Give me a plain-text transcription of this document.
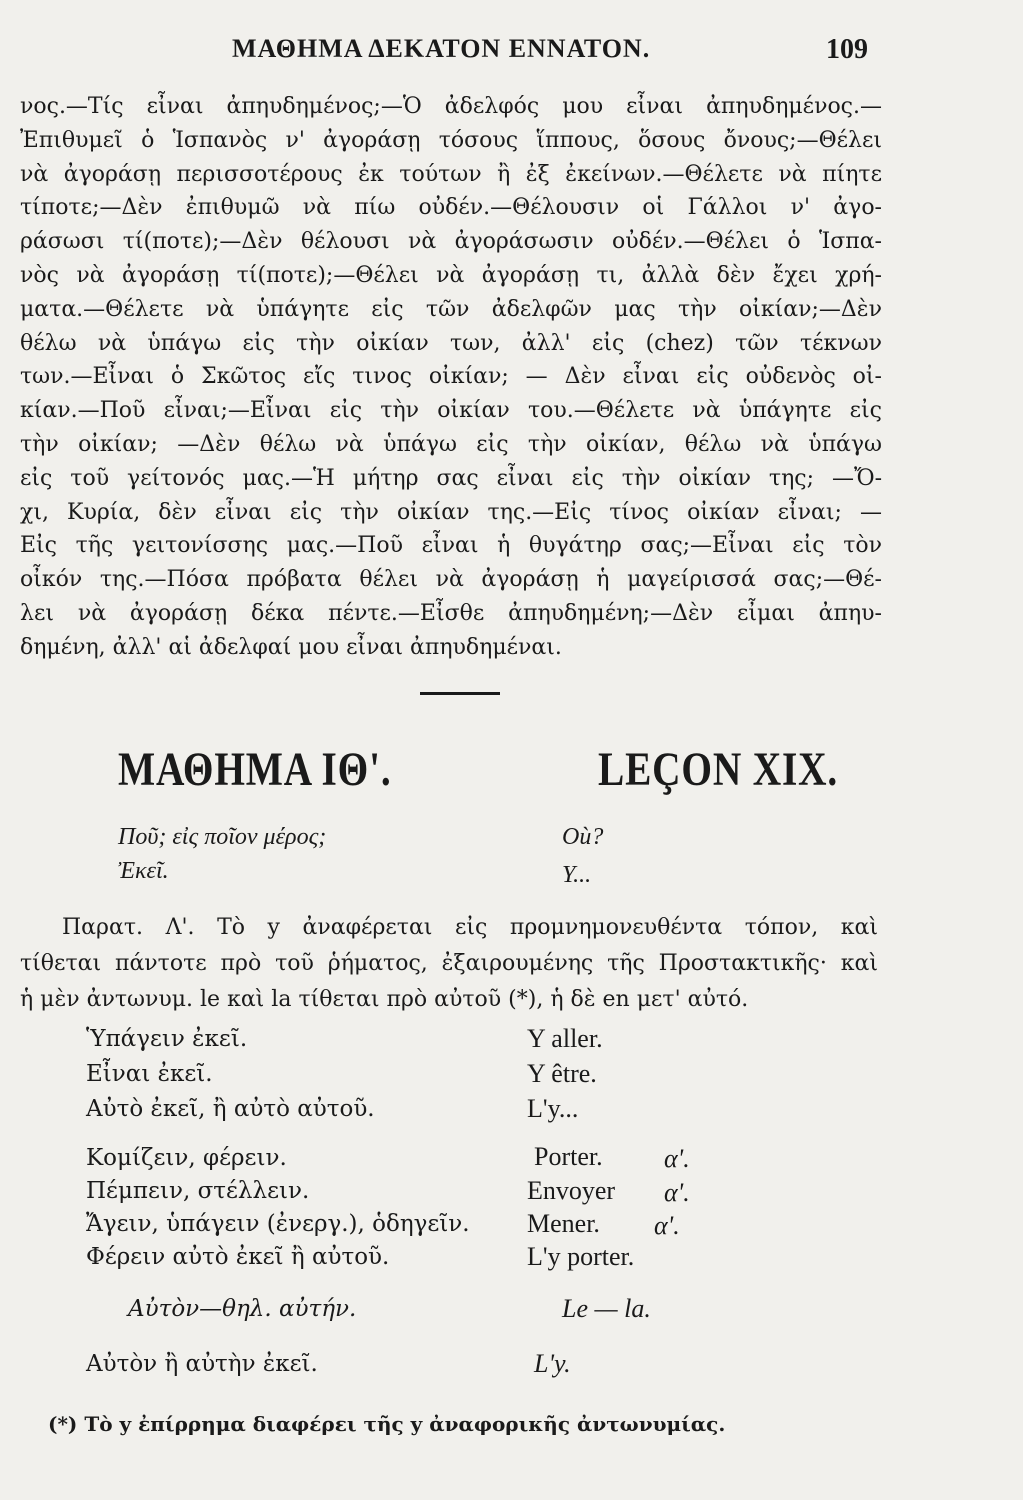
ΜΑΘΗΜΑ ΔΕΚΑΤΟΝ ΕΝΝΑΤΟΝ.	109
νος.—Τίς εἶναι ἀπηυδημένος;—Ὁ ἀδελφός μου εἶναι ἀπηυδημένος.—
Ἐπιθυμεῖ ὁ Ἱσπανὸς ν' ἀγοράσῃ τόσους ἵππους, ὅσους ὄνους;—Θέλει
νὰ ἀγοράσῃ περισσοτέρους ἐκ τούτων ἢ ἐξ ἐκείνων.—Θέλετε νὰ πίητε
τίποτε;—Δὲν ἐπιθυμῶ νὰ πίω οὐδέν.—Θέλουσιν οἱ Γάλλοι ν' ἀγο-
ράσωσι τί(ποτε);—Δὲν θέλουσι νὰ ἀγοράσωσιν οὐδέν.—Θέλει ὁ Ἱσπα-
νὸς νὰ ἀγοράσῃ τί(ποτε);—Θέλει νὰ ἀγοράσῃ τι, ἀλλὰ δὲν ἔχει χρή-
ματα.—Θέλετε νὰ ὑπάγητε εἰς τῶν ἀδελφῶν μας τὴν οἰκίαν;—Δὲν
θέλω νὰ ὑπάγω εἰς τὴν οἰκίαν των, ἀλλ' εἰς (chez) τῶν τέκνων
των.—Εἶναι ὁ Σκῶτος εἴς τινος οἰκίαν; — Δὲν εἶναι εἰς οὐδενὸς οἰ-
κίαν.—Ποῦ εἶναι;—Εἶναι εἰς τὴν οἰκίαν του.—Θέλετε νὰ ὑπάγητε εἰς
τὴν οἰκίαν; —Δὲν θέλω νὰ ὑπάγω εἰς τὴν οἰκίαν, θέλω νὰ ὑπάγω
εἰς τοῦ γείτονός μας.—Ἡ μήτηρ σας εἶναι εἰς τὴν οἰκίαν της; —Ὄ-
χι, Κυρία, δὲν εἶναι εἰς τὴν οἰκίαν της.—Εἰς τίνος οἰκίαν εἶναι; —
Εἰς τῆς γειτονίσσης μας.—Ποῦ εἶναι ἡ θυγάτηρ σας;—Εἶναι εἰς τὸν
οἶκόν της.—Πόσα πρόβατα θέλει νὰ ἀγοράσῃ ἡ μαγείρισσά σας;—Θέ-
λει νὰ ἀγοράσῃ δέκα πέντε.—Εἶσθε ἀπηυδημένη;—Δὲν εἶμαι ἀπηυ-
δημένη, ἀλλ' αἱ ἀδελφαί μου εἶναι ἀπηυδημέναι.
ΜΑΘΗΜΑ ΙΘ'.	LEÇON XIX.
Ποῦ; εἰς ποῖον μέρος;	Où?
Ἐκεῖ.	Y...
Παρατ. Λ'. Τὸ y ἀναφέρεται εἰς προμνημονευθέντα τόπον, καὶ
τίθεται πάντοτε πρὸ τοῦ ῥήματος, ἐξαιρουμένης τῆς Προστακτικῆς· καὶ
ἡ μὲν ἀντωνυμ. le καὶ la τίθεται πρὸ αὐτοῦ (*), ἡ δὲ en μετ' αὐτό.
Ὑπάγειν ἐκεῖ.	Y aller.
Εἶναι ἐκεῖ.	Y être.
Αὐτὸ ἐκεῖ, ἢ αὐτὸ αὐτοῦ.	L'y...
Κομίζειν, φέρειν.	Porter. α'.
Πέμπειν, στέλλειν.	Envoyer α'.
Ἄγειν, ὑπάγειν (ἐνεργ.), ὁδηγεῖν. Mener. α'.
Φέρειν αὐτὸ ἐκεῖ ἢ αὐτοῦ.	L'y porter.
Αὐτὸν—θηλ. αὐτήν.	Le — la.
Αὐτὸν ἢ αὐτὴν ἐκεῖ.	L'y.
(*) Τὸ y ἐπίρρημα διαφέρει τῆς y ἀναφορικῆς ἀντωνυμίας.
